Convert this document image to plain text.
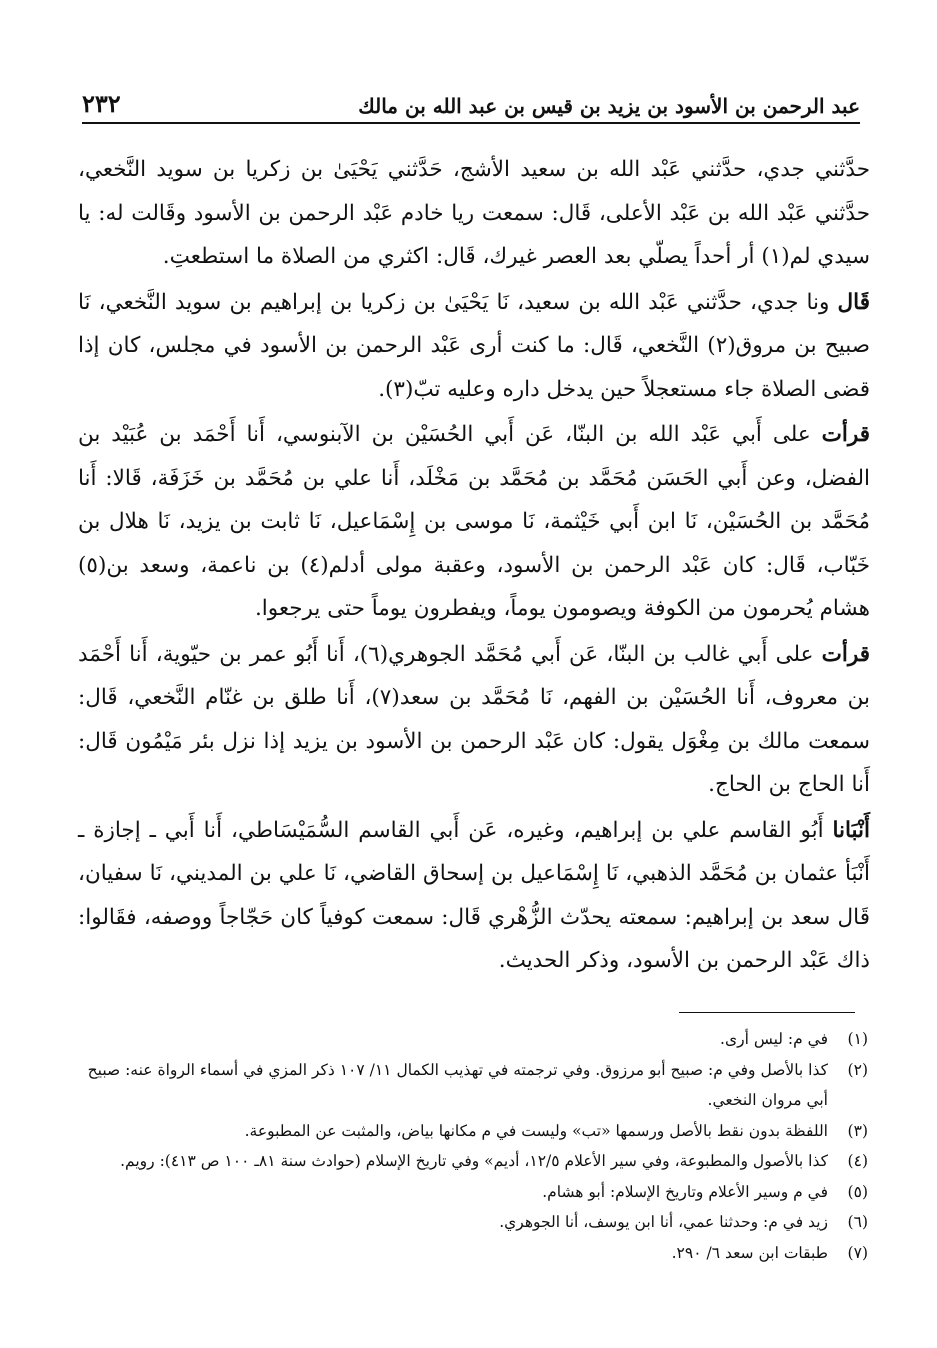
٢٣٢	عبد الرحمن بن الأسود بن يزيد بن قيس بن عبد الله بن مالك

حدَّثني جدي، حدَّثني عَبْد الله بن سعيد الأشج، حَدَّثني يَحْيَىٰ بن زكريا بن سويد النَّخعي، حدَّثني عَبْد الله بن عَبْد الأعلى، قَال: سمعت ريا خادم عَبْد الرحمن بن الأسود وقَالت له: يا سيدي لم(١) أر أحداً يصلّي بعد العصر غيرك، قَال: اكثري من الصلاة ما استطعتِ.

قَال ونا جدي، حدَّثني عَبْد الله بن سعيد، نَا يَحْيَىٰ بن زكريا بن إبراهيم بن سويد النَّخعي، نَا صبيح بن مروق(٢) النَّخعي، قَال: ما كنت أرى عَبْد الرحمن بن الأسود في مجلس، كان إذا قضى الصلاة جاء مستعجلاً حين يدخل داره وعليه تبّ(٣).

قرأت على أَبي عَبْد الله بن البنّا، عَن أَبي الحُسَيْن بن الآبنوسي، أَنا أَحْمَد بن عُبَيْد بن الفضل، وعن أَبي الحَسَن مُحَمَّد بن مُحَمَّد بن مَخْلَد، أَنا علي بن مُحَمَّد بن خَزَفَة، قَالا: أَنا مُحَمَّد بن الحُسَيْن، نَا ابن أَبي خَيْثمة، نَا موسى بن إِسْمَاعيل، نَا ثابت بن يزيد، نَا هلال بن خَبّاب، قَال: كان عَبْد الرحمن بن الأسود، وعقبة مولى أدلم(٤) بن ناعمة، وسعد بن(٥) هشام يُحرمون من الكوفة ويصومون يوماً، ويفطرون يوماً حتى يرجعوا.

قرأت على أَبي غالب بن البنّا، عَن أَبي مُحَمَّد الجوهري(٦)، أَنا أَبُو عمر بن حيّوية، أَنا أَحْمَد بن معروف، أَنا الحُسَيْن بن الفهم، نَا مُحَمَّد بن سعد(٧)، أَنا طلق بن غنّام النَّخعي، قَال: سمعت مالك بن مِغْوَل يقول: كان عَبْد الرحمن بن الأسود بن يزيد إذا نزل بئر مَيْمُون قَال: أَنا الحاج بن الحاج.

أَنْبَانا أَبُو القاسم علي بن إبراهيم، وغيره، عَن أَبي القاسم السُّمَيْسَاطي، أَنا أَبي ـ إجازة ـ أَنْبَأ عثمان بن مُحَمَّد الذهبي، نَا إِسْمَاعيل بن إسحاق القاضي، نَا علي بن المديني، نَا سفيان، قَال سعد بن إبراهيم: سمعته يحدّث الزُّهْري قَال: سمعت كوفياً كان حَجّاجاً ووصفه، فقَالوا: ذاك عَبْد الرحمن بن الأسود، وذكر الحديث.

(١)
في م: ليس أرى.
(٢)
كذا بالأصل وفي م: صبيح أبو مرزوق. وفي ترجمته في تهذيب الكمال ١١/ ١٠٧ ذكر المزي في أسماء الرواة عنه: صبيح أبي مروان النخعي.
(٣)
اللفظة بدون نقط بالأصل ورسمها «تب» وليست في م مكانها بياض، والمثبت عن المطبوعة.
(٤)
كذا بالأصول والمطبوعة، وفي سير الأعلام ١٢/٥، أديم» وفي تاريخ الإسلام (حوادث سنة ٨١ـ ١٠٠ ص ٤١٣): رويم.
(٥)
في م وسير الأعلام وتاريخ الإسلام: أبو هشام.
(٦)
زيد في م: وحدثنا عمي، أنا ابن يوسف، أنا الجوهري.
(٧)
طبقات ابن سعد ٦/ ٢٩٠.
